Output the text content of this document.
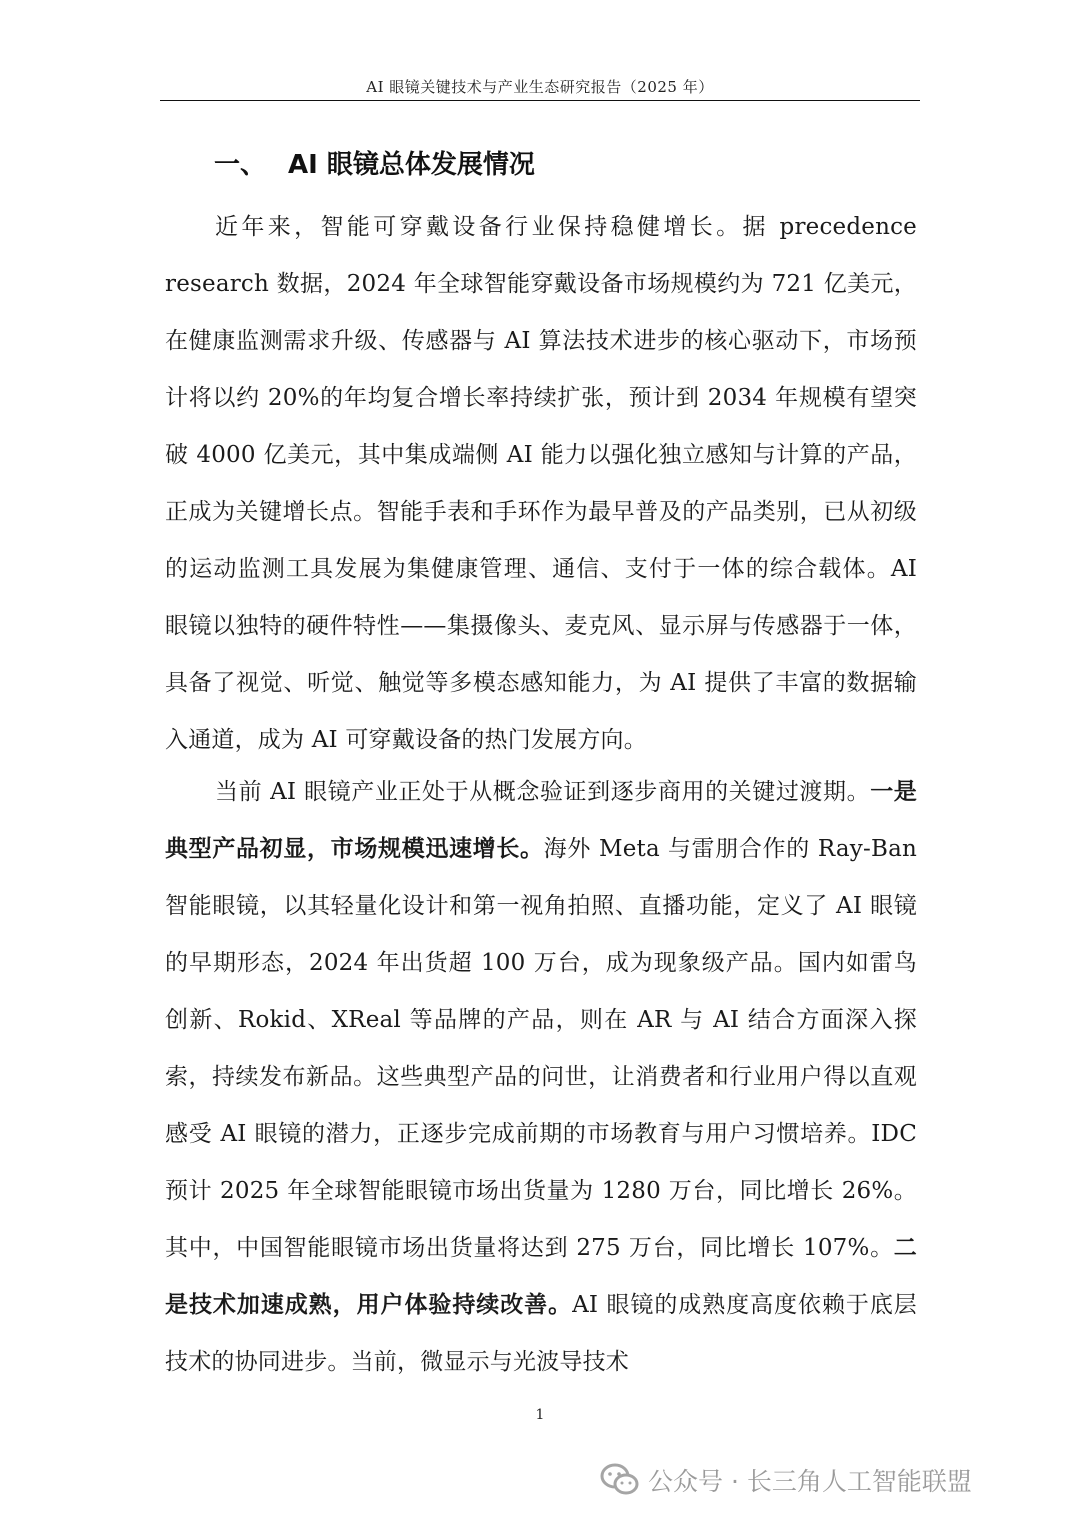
AI 眼镜关键技术与产业生态研究报告（2025 年）
一、 AI 眼镜总体发展情况

近年来，智能可穿戴设备行业保持稳健增长。据 precedence research 数据，2024 年全球智能穿戴设备市场规模约为 721 亿美元，在健康监测需求升级、传感器与 AI 算法技术进步的核心驱动下，市场预计将以约 20%的年均复合增长率持续扩张，预计到 2034 年规模有望突破 4000 亿美元，其中集成端侧 AI 能力以强化独立感知与计算的产品，正成为关键增长点。智能手表和手环作为最早普及的产品类别，已从初级的运动监测工具发展为集健康管理、通信、支付于一体的综合载体。AI 眼镜以独特的硬件特性——集摄像头、麦克风、显示屏与传感器于一体，具备了视觉、听觉、触觉等多模态感知能力，为 AI 提供了丰富的数据输入通道，成为 AI 可穿戴设备的热门发展方向。

当前 AI 眼镜产业正处于从概念验证到逐步商用的关键过渡期。一是典型产品初显，市场规模迅速增长。海外 Meta 与雷朋合作的 Ray-Ban 智能眼镜，以其轻量化设计和第一视角拍照、直播功能，定义了 AI 眼镜的早期形态，2024 年出货超 100 万台，成为现象级产品。国内如雷鸟创新、Rokid、XReal 等品牌的产品，则在 AR 与 AI 结合方面深入探索，持续发布新品。这些典型产品的问世，让消费者和行业用户得以直观感受 AI 眼镜的潜力，正逐步完成前期的市场教育与用户习惯培养。IDC 预计 2025 年全球智能眼镜市场出货量为 1280 万台，同比增长 26%。其中，中国智能眼镜市场出货量将达到 275 万台，同比增长 107%。二是技术加速成熟，用户体验持续改善。AI 眼镜的成熟度高度依赖于底层技术的协同进步。当前，微显示与光波导技术

1
公众号 · 长三角人工智能联盟
